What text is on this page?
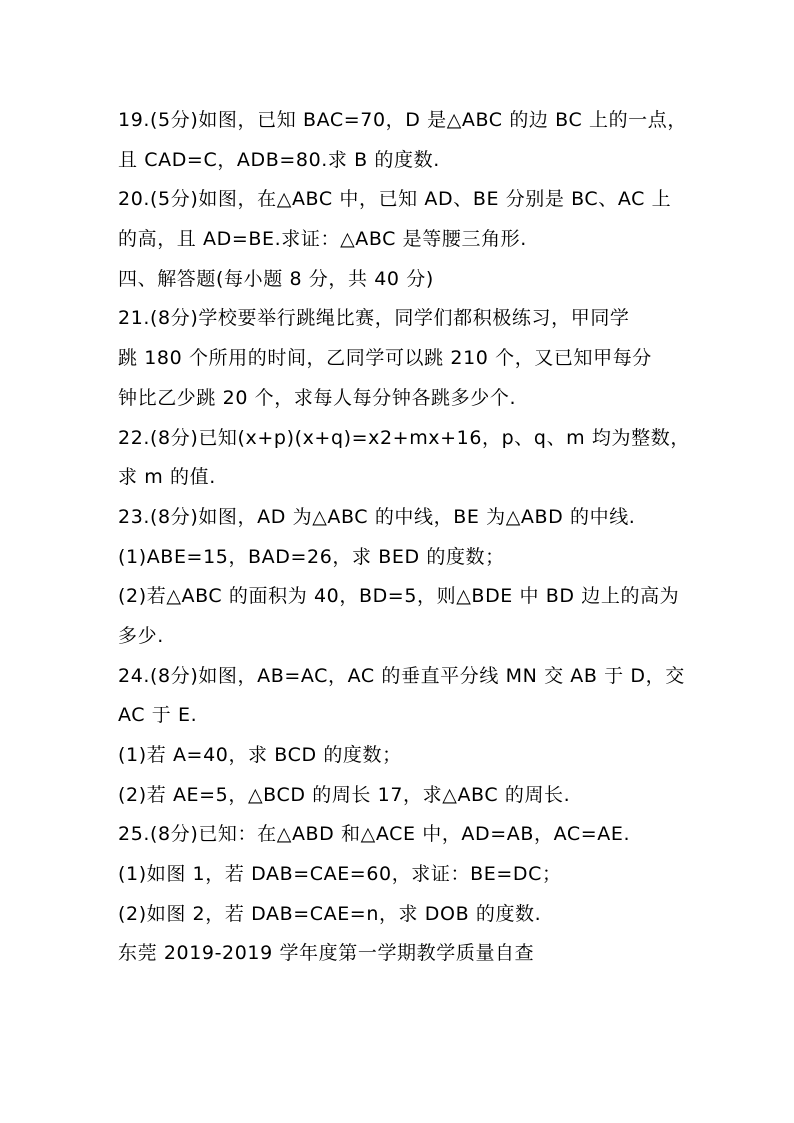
19.(5分)如图，已知 BAC=70，D 是△ABC 的边 BC 上的一点，
且 CAD=C，ADB=80.求 B 的度数.
20.(5分)如图，在△ABC 中，已知 AD、BE 分别是 BC、AC 上
的高，且 AD=BE.求证：△ABC 是等腰三角形.
四、解答题(每小题 8 分，共 40 分)
21.(8分)学校要举行跳绳比赛，同学们都积极练习，甲同学
跳 180 个所用的时间，乙同学可以跳 210 个，又已知甲每分
钟比乙少跳 20 个，求每人每分钟各跳多少个.
22.(8分)已知(x+p)(x+q)=x2+mx+16，p、q、m 均为整数，
求 m 的值.
23.(8分)如图，AD 为△ABC 的中线，BE 为△ABD 的中线.
(1)ABE=15，BAD=26，求 BED 的度数；
(2)若△ABC 的面积为 40，BD=5，则△BDE 中 BD 边上的高为
多少.
24.(8分)如图，AB=AC，AC 的垂直平分线 MN 交 AB 于 D，交
AC 于 E.
(1)若 A=40，求 BCD 的度数；
(2)若 AE=5，△BCD 的周长 17，求△ABC 的周长.
25.(8分)已知：在△ABD 和△ACE 中，AD=AB，AC=AE.
(1)如图 1，若 DAB=CAE=60，求证：BE=DC；
(2)如图 2，若 DAB=CAE=n，求 DOB 的度数.
东莞 2019-2019 学年度第一学期教学质量自查
